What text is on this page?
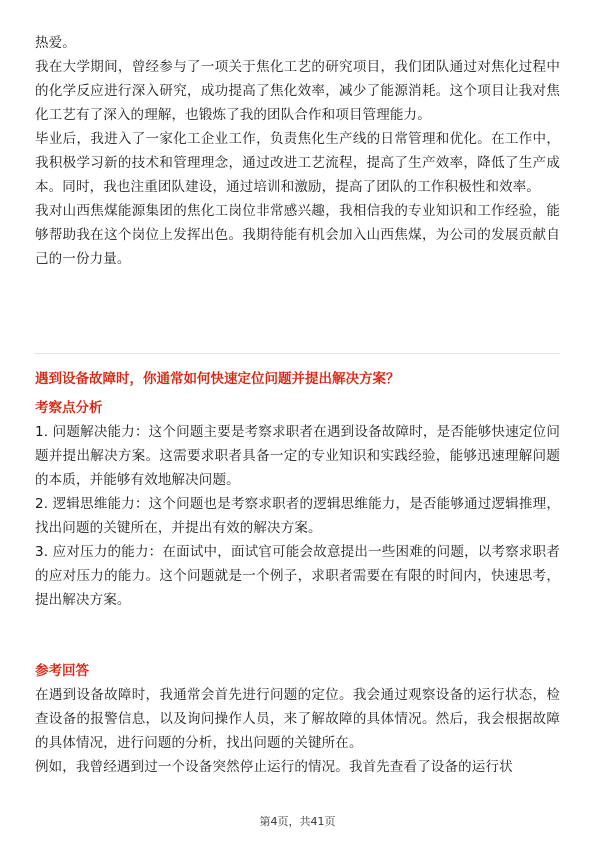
热爱。

我在大学期间，曾经参与了一项关于焦化工艺的研究项目，我们团队通过对焦化过程中的化学反应进行深入研究，成功提高了焦化效率，减少了能源消耗。这个项目让我对焦化工艺有了深入的理解，也锻炼了我的团队合作和项目管理能力。

毕业后，我进入了一家化工企业工作，负责焦化生产线的日常管理和优化。在工作中，我积极学习新的技术和管理理念，通过改进工艺流程，提高了生产效率，降低了生产成本。同时，我也注重团队建设，通过培训和激励，提高了团队的工作积极性和效率。

我对山西焦煤能源集团的焦化工岗位非常感兴趣，我相信我的专业知识和工作经验，能够帮助我在这个岗位上发挥出色。我期待能有机会加入山西焦煤，为公司的发展贡献自己的一份力量。

遇到设备故障时，你通常如何快速定位问题并提出解决方案？

考察点分析

1. 问题解决能力：这个问题主要是考察求职者在遇到设备故障时，是否能够快速定位问题并提出解决方案。这需要求职者具备一定的专业知识和实践经验，能够迅速理解问题的本质，并能够有效地解决问题。

2. 逻辑思维能力：这个问题也是考察求职者的逻辑思维能力，是否能够通过逻辑推理，找出问题的关键所在，并提出有效的解决方案。

3. 应对压力的能力：在面试中，面试官可能会故意提出一些困难的问题，以考察求职者的应对压力的能力。这个问题就是一个例子，求职者需要在有限的时间内，快速思考，提出解决方案。

参考回答

在遇到设备故障时，我通常会首先进行问题的定位。我会通过观察设备的运行状态，检查设备的报警信息，以及询问操作人员，来了解故障的具体情况。然后，我会根据故障的具体情况，进行问题的分析，找出问题的关键所在。

例如，我曾经遇到过一个设备突然停止运行的情况。我首先查看了设备的运行状

第4页，共41页
